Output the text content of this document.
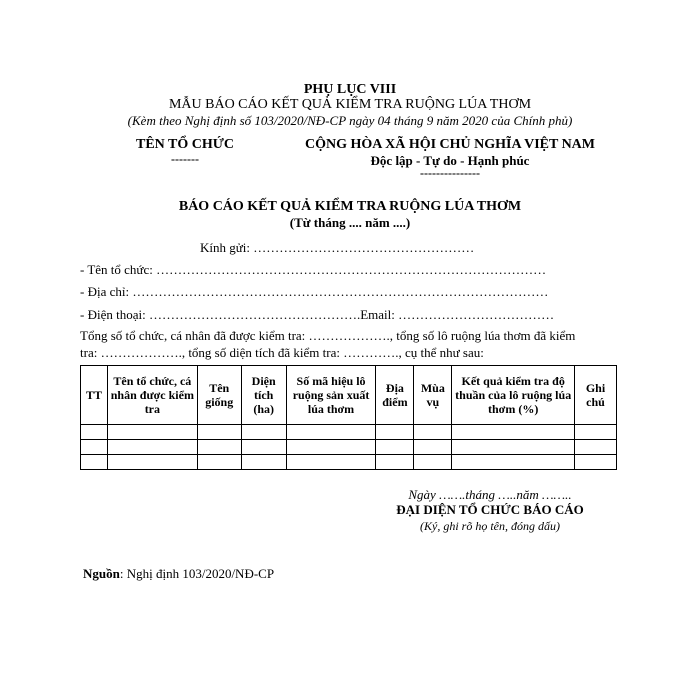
PHỤ LỤC VIII
MẪU BÁO CÁO KẾT QUẢ KIỂM TRA RUỘNG LÚA THƠM
(Kèm theo Nghị định số 103/2020/NĐ-CP ngày 04 tháng 9 năm 2020 của Chính phủ)
TÊN TỔ CHỨC
-------
CỘNG HÒA XÃ HỘI CHỦ NGHĨA VIỆT NAM
Độc lập - Tự do - Hạnh phúc
---------------
BÁO CÁO KẾT QUẢ KIỂM TRA RUỘNG LÚA THƠM
(Từ tháng .... năm ....)
Kính gửi: ……………………………………………
- Tên tổ chức: ………………………………………………………………………………
- Địa chỉ: ……………………………………………………………………………………
- Điện thoại: ………………………………………….Email: ………………………………
Tổng số tổ chức, cá nhân đã được kiểm tra: ………………., tổng số lô ruộng lúa thơm đã kiểm
tra: ………………., tổng số diện tích đã kiểm tra: …………., cụ thể như sau:
TT	Tên tổ chức, cá nhân được kiểm tra	Tên giống	Diện tích (ha)	Số mã hiệu lô ruộng sản xuất lúa thơm	Địa điểm	Mùa vụ	Kết quả kiểm tra độ thuần của lô ruộng lúa thơm (%)	Ghi chú

Ngày …….tháng …..năm ……..
ĐẠI DIỆN TỔ CHỨC BÁO CÁO
(Ký, ghi rõ họ tên, đóng dấu)
Nguồn: Nghị định 103/2020/NĐ-CP
